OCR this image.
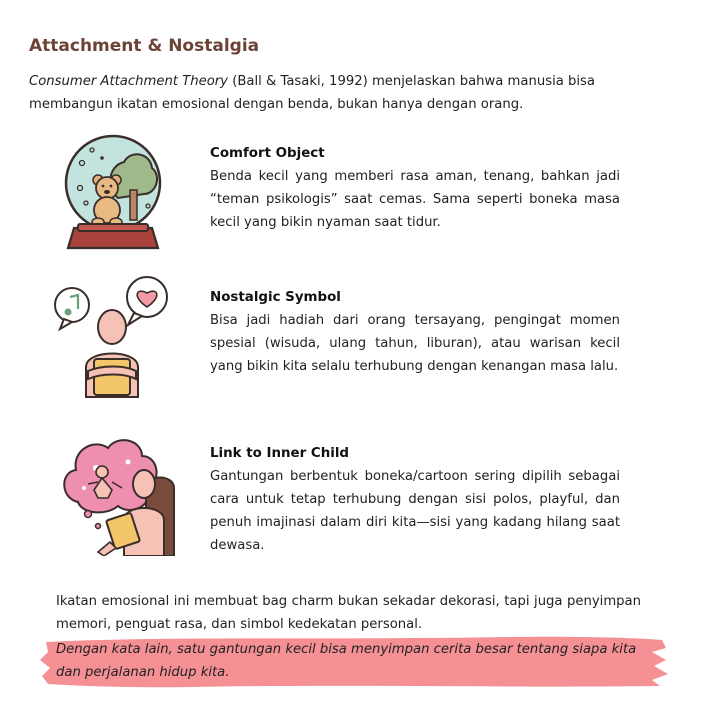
Attachment & Nostalgia

Consumer Attachment Theory (Ball & Tasaki, 1992) menjelaskan bahwa manusia bisa membangun ikatan emosional dengan benda, bukan hanya dengan orang.

Comfort Object

Benda kecil yang memberi rasa aman, tenang, bahkan jadi “teman psikologis” saat cemas. Sama seperti boneka masa kecil yang bikin nyaman saat tidur.

Nostalgic Symbol

Bisa jadi hadiah dari orang tersayang, pengingat momen spesial (wisuda, ulang tahun, liburan), atau warisan kecil yang bikin kita selalu terhubung dengan kenangan masa lalu.

Link to Inner Child

Gantungan berbentuk boneka/cartoon sering dipilih sebagai cara untuk tetap terhubung dengan sisi polos, playful, dan penuh imajinasi dalam diri kita—sisi yang kadang hilang saat dewasa.

Ikatan emosional ini membuat bag charm bukan sekadar dekorasi, tapi juga penyimpan memori, penguat rasa, dan simbol kedekatan personal.

Dengan kata lain, satu gantungan kecil bisa menyimpan cerita besar tentang siapa kita dan perjalanan hidup kita.
